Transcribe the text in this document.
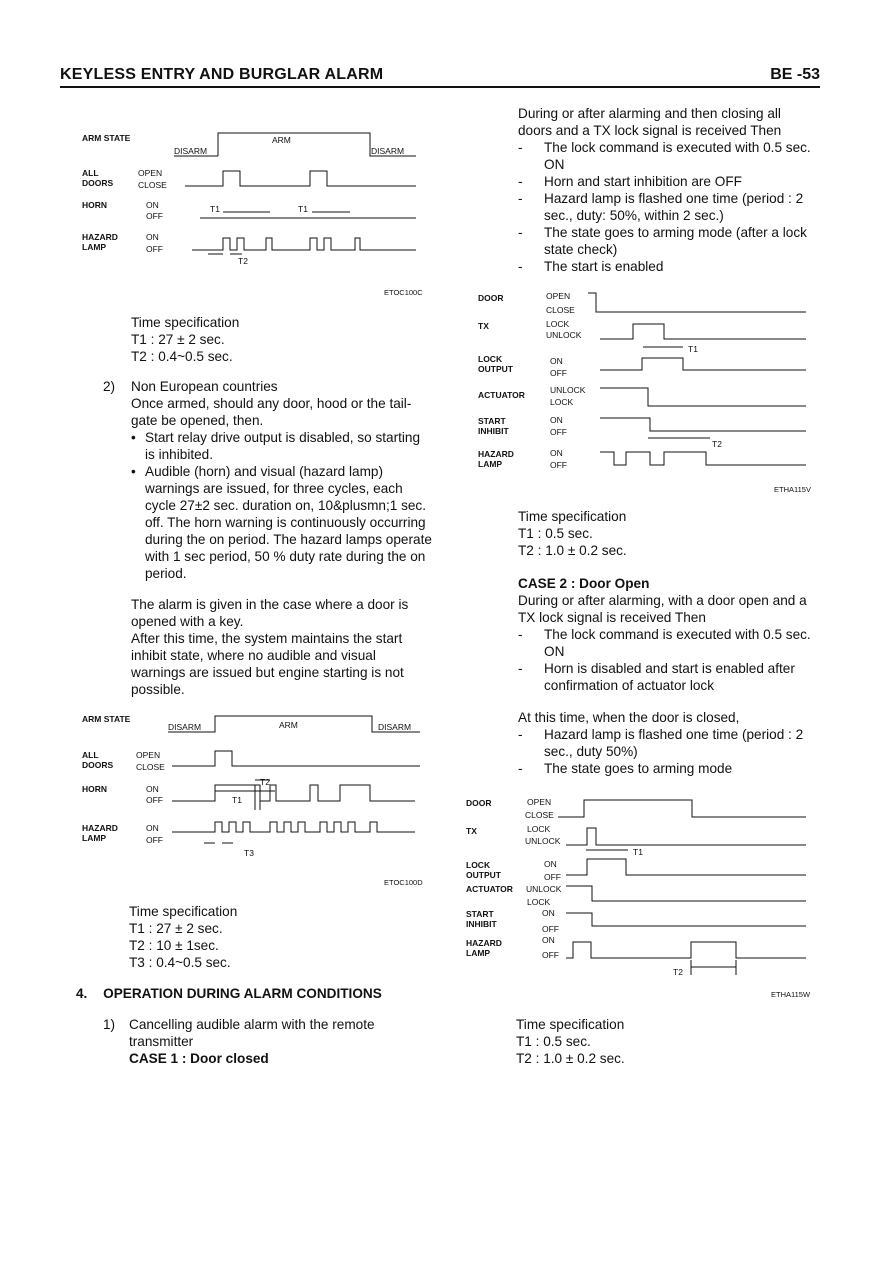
KEYLESS ENTRY AND BURGLAR ALARM	BE -53
ARM STATE
ALL DOORS
OPEN
CLOSE
HORN	ON
OFF
HAZARD LAMP
ON
OFF
DISARM
ARM
DISARM
T1	T1
T2
ETOC100C
Time specification
T1 : 27 ± 2 sec.
T2 : 0.4~0.5 sec.
2) Non European countries
Once armed, should any door, hood or the tail-gate be opened, then.
• Start relay drive output is disabled, so starting is inhibited.
• Audible (horn) and visual (hazard lamp) warnings are issued, for three cycles, each cycle 27±2 sec. duration on, 10&plusmn;1 sec. off. The horn warning is continuously occurring during the on period. The hazard lamps operate with 1 sec period, 50 % duty rate during the on period.
The alarm is given in the case where a door is opened with a key.
After this time, the system maintains the start inhibit state, where no audible and visual warnings are issued but engine starting is not possible.
ARM STATE
ALL DOORS
OPEN
CLOSE
HORN	ON
OFF
HAZARD LAMP
ON
OFF
DISARM	ARM	DISARM
T2
T1
T3
ETOC100D
Time specification
T1 : 27 ± 2 sec.
T2 : 10 ± 1sec.
T3 : 0.4~0.5 sec.
4. OPERATION DURING ALARM CONDITIONS
1) Cancelling audible alarm with the remote transmitter
CASE 1 : Door closed
During or after alarming and then closing all doors and a TX lock signal is received Then
- The lock command is executed with 0.5 sec. ON
- Horn and start inhibition are OFF
- Hazard lamp is flashed one time (period : 2 sec., duty: 50%, within 2 sec.)
- The state goes to arming mode (after a lock state check)
- The start is enabled
DOOR	OPEN
CLOSE
TX	LOCK
UNLOCK
LOCK OUTPUT
ON
OFF
ACTUATOR	UNLOCK
LOCK
START INHIBIT
ON
OFF
HAZARD LAMP
ON
OFF
T1
T2
ETHA115V
Time specification
T1 : 0.5 sec.
T2 : 1.0 ± 0.2 sec.
CASE 2 : Door Open
During or after alarming, with a door open and a TX lock signal is received Then
- The lock command is executed with 0.5 sec. ON
- Horn is disabled and start is enabled after confirmation of actuator lock
At this time, when the door is closed,
- Hazard lamp is flashed one time (period : 2 sec., duty 50%)
- The state goes to arming mode
DOOR	OPEN
CLOSE
TX	LOCK
UNLOCK
LOCK OUTPUT
ON
OFF
ACTUATOR UNLOCK
LOCK
START INHIBIT
ON
OFF
HAZARD LAMP
ON
OFF
T1
T2
ETHA115W
Time specification
T1 : 0.5 sec.
T2 : 1.0 ± 0.2 sec.
